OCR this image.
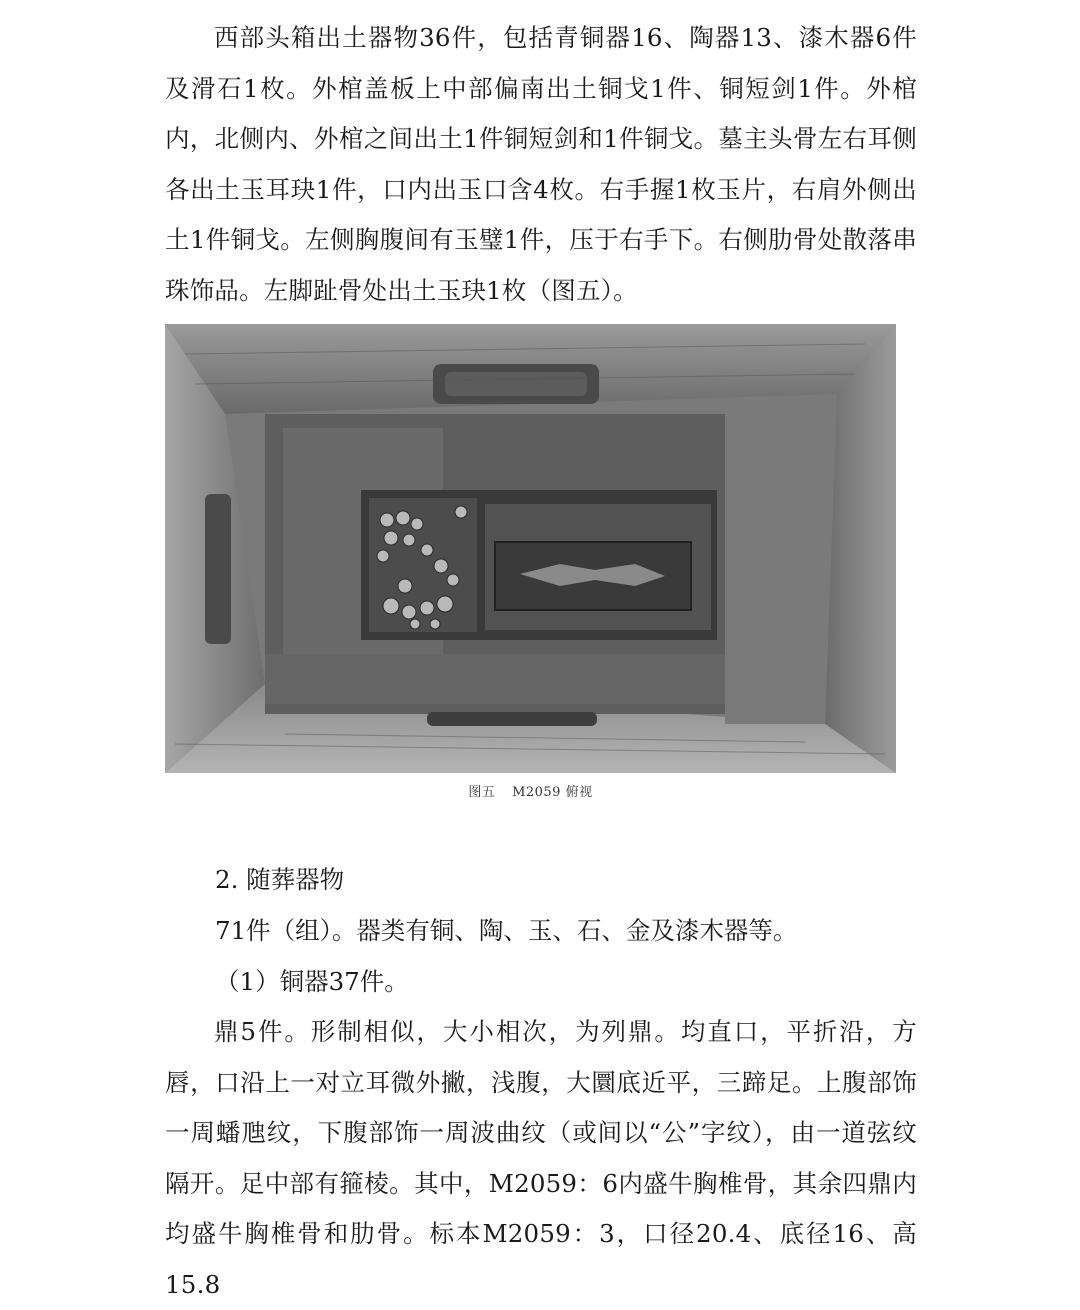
西部头箱出土器物36件，包括青铜器16、陶器13、漆木器6件及滑石1枚。外棺盖板上中部偏南出土铜戈1件、铜短剑1件。外棺内，北侧内、外棺之间出土1件铜短剑和1件铜戈。墓主头骨左右耳侧各出土玉耳玦1件，口内出玉口含4枚。右手握1枚玉片，右肩外侧出土1件铜戈。左侧胸腹间有玉璧1件，压于右手下。右侧肋骨处散落串珠饰品。左脚趾骨处出土玉玦1枚（图五）。

图五 M2059 俯视

2. 随葬器物

71件（组）。器类有铜、陶、玉、石、金及漆木器等。

（1）铜器37件。

鼎5件。形制相似，大小相次，为列鼎。均直口，平折沿，方唇，口沿上一对立耳微外撇，浅腹，大圜底近平，三蹄足。上腹部饰一周蟠虺纹，下腹部饰一周波曲纹（或间以“公”字纹），由一道弦纹隔开。足中部有箍棱。其中，M2059：6内盛牛胸椎骨，其余四鼎内均盛牛胸椎骨和肋骨。标本M2059：3，口径20.4、底径16、高15.8
